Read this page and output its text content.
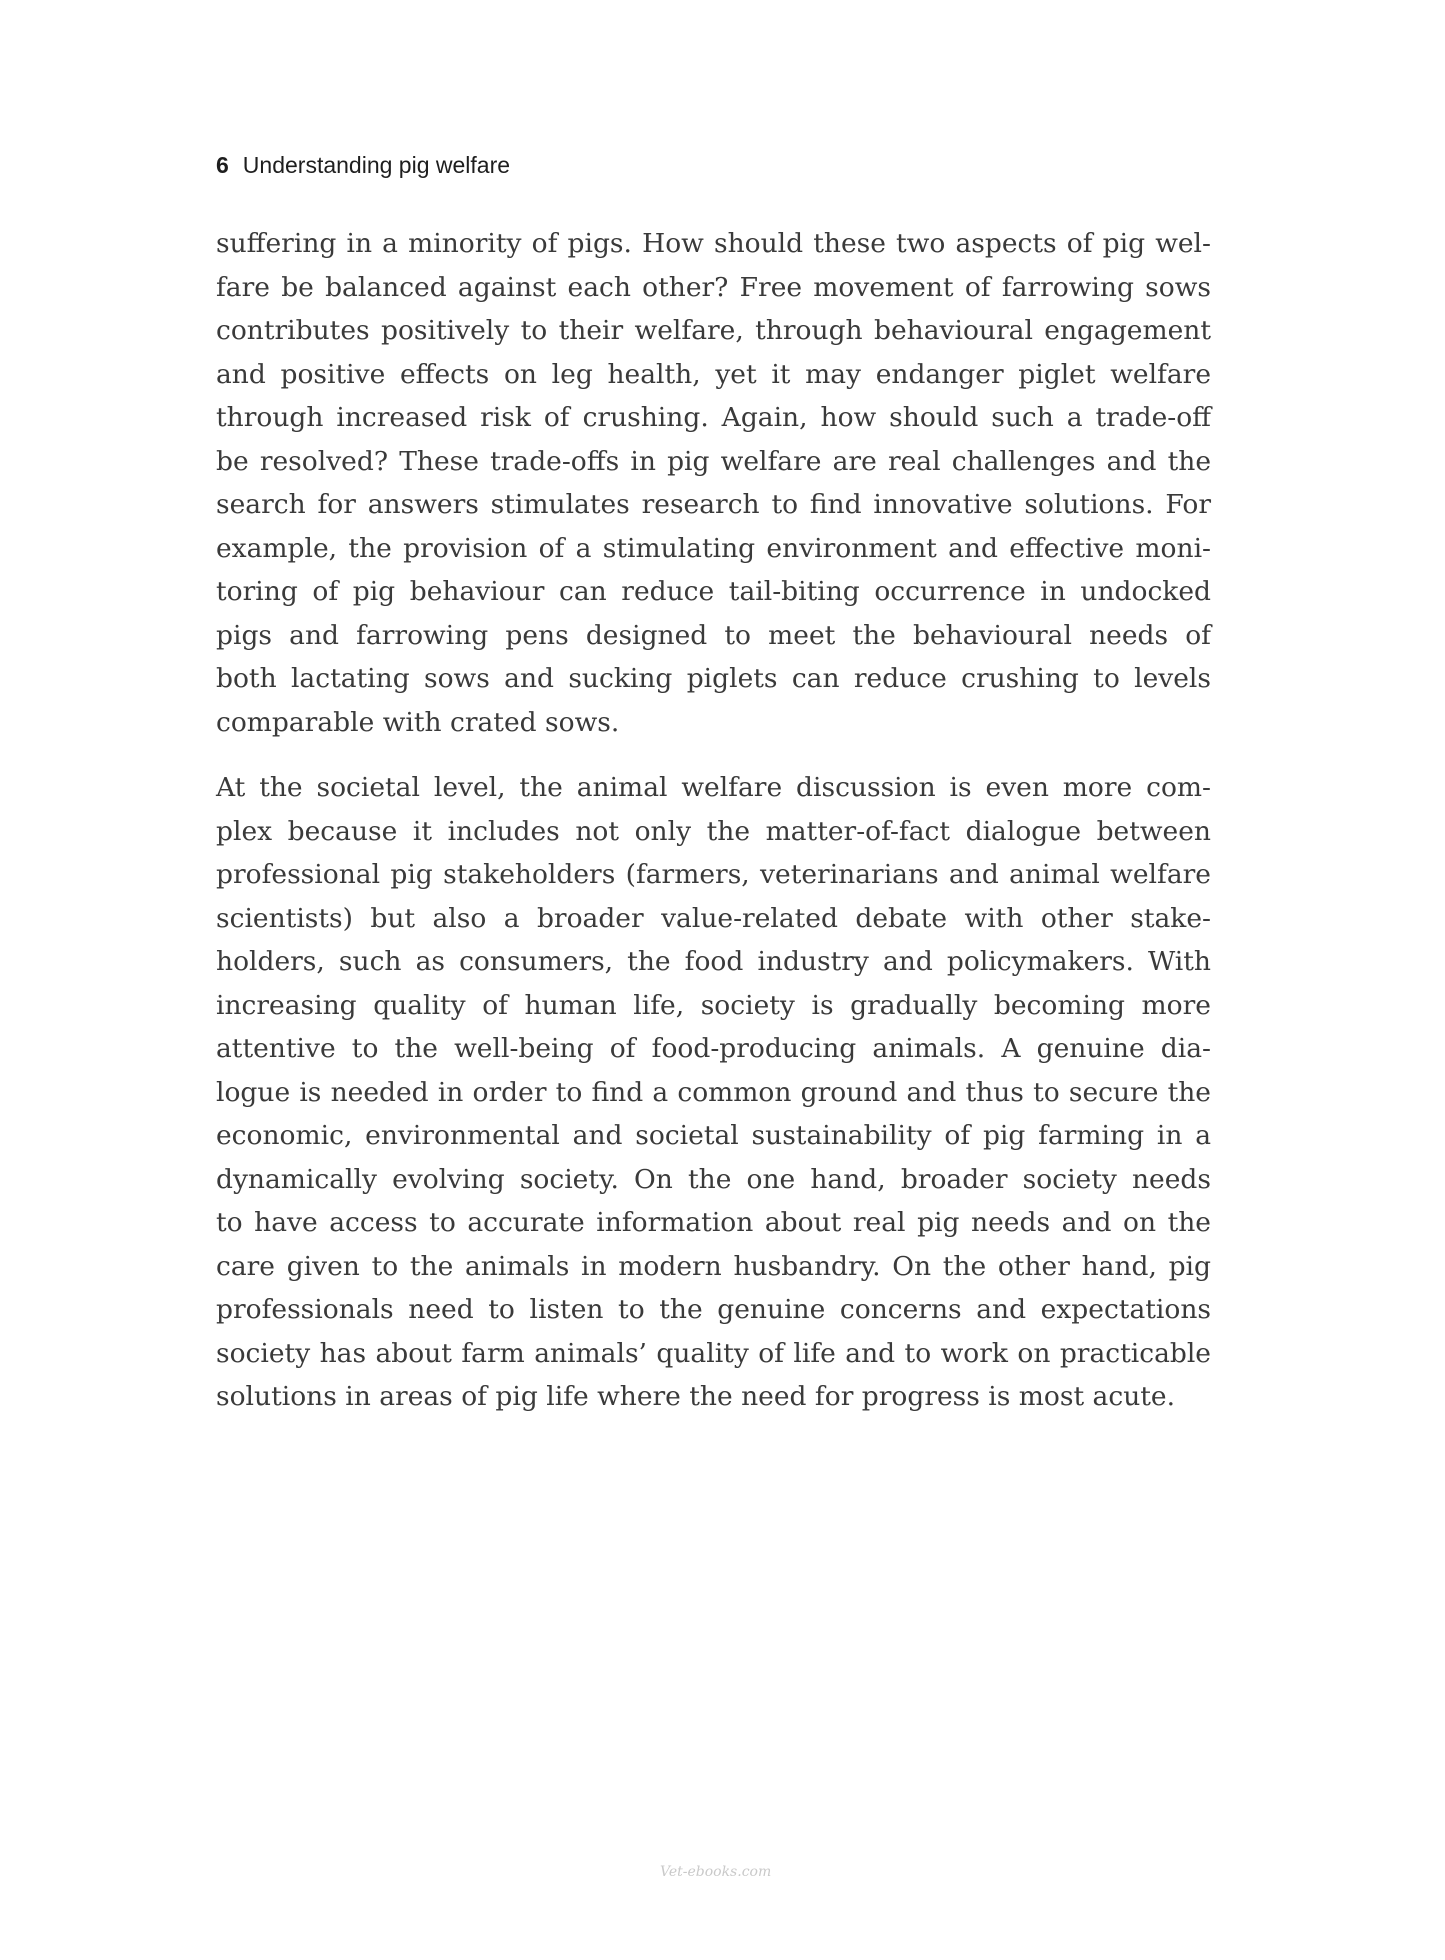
6 Understanding pig welfare

suffering in a minority of pigs. How should these two aspects of pig wel-
fare be balanced against each other? Free movement of farrowing sows
contributes positively to their welfare, through behavioural engagement
and positive effects on leg health, yet it may endanger piglet welfare
through increased risk of crushing. Again, how should such a trade-off
be resolved? These trade-offs in pig welfare are real challenges and the
search for answers stimulates research to find innovative solutions. For
example, the provision of a stimulating environment and effective moni-
toring of pig behaviour can reduce tail-biting occurrence in undocked
pigs and farrowing pens designed to meet the behavioural needs of
both lactating sows and sucking piglets can reduce crushing to levels
comparable with crated sows.

At the societal level, the animal welfare discussion is even more com-
plex because it includes not only the matter-of-fact dialogue between
professional pig stakeholders (farmers, veterinarians and animal welfare
scientists) but also a broader value-related debate with other stake-
holders, such as consumers, the food industry and policymakers. With
increasing quality of human life, society is gradually becoming more
attentive to the well-being of food-producing animals. A genuine dia-
logue is needed in order to find a common ground and thus to secure the
economic, environmental and societal sustainability of pig farming in a
dynamically evolving society. On the one hand, broader society needs
to have access to accurate information about real pig needs and on the
care given to the animals in modern husbandry. On the other hand, pig
professionals need to listen to the genuine concerns and expectations
society has about farm animals’ quality of life and to work on practicable
solutions in areas of pig life where the need for progress is most acute.

Vet-ebooks.com
